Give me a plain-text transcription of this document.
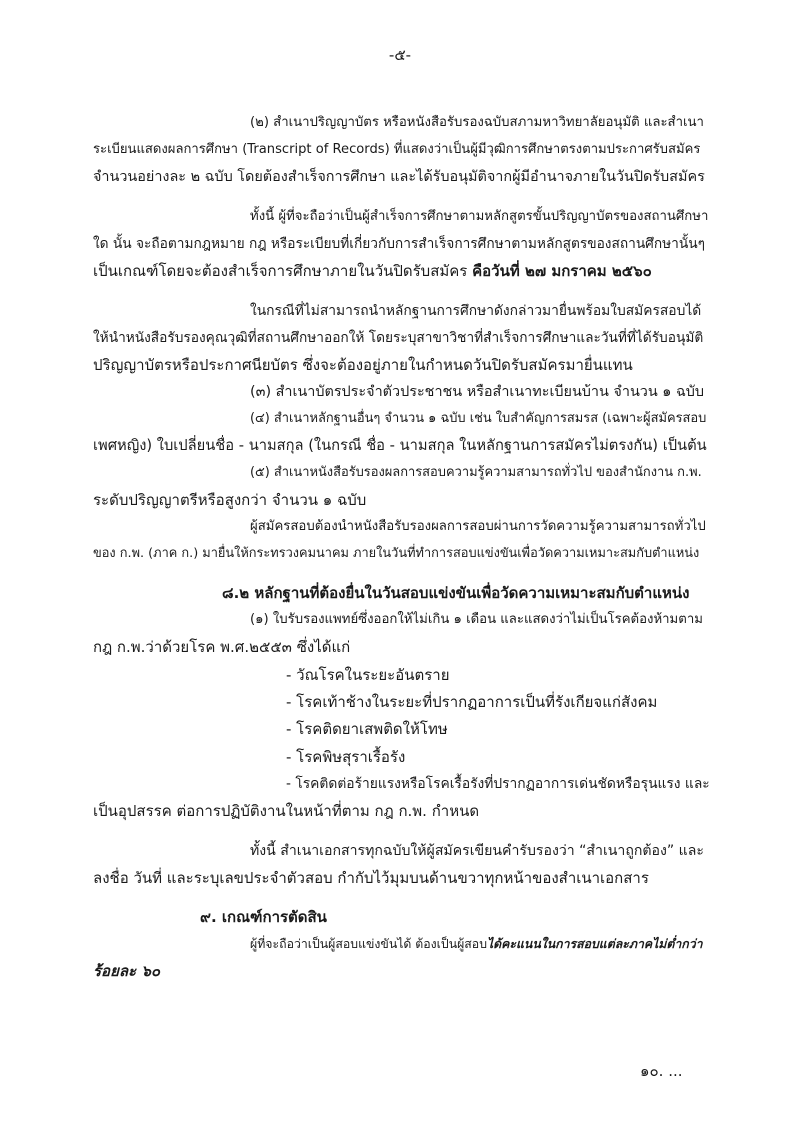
-๕-
(๒) สำเนาปริญญาบัตร หรือหนังสือรับรองฉบับสภามหาวิทยาลัยอนุมัติ และสำเนา
ระเบียนแสดงผลการศึกษา (Transcript of Records) ที่แสดงว่าเป็นผู้มีวุฒิการศึกษาตรงตามประกาศรับสมัคร
จำนวนอย่างละ ๒ ฉบับ โดยต้องสำเร็จการศึกษา และได้รับอนุมัติจากผู้มีอำนาจภายในวันปิดรับสมัคร
ทั้งนี้ ผู้ที่จะถือว่าเป็นผู้สำเร็จการศึกษาตามหลักสูตรขั้นปริญญาบัตรของสถานศึกษา
ใด นั้น จะถือตามกฎหมาย กฎ หรือระเบียบที่เกี่ยวกับการสำเร็จการศึกษาตามหลักสูตรของสถานศึกษานั้นๆ
เป็นเกณฑ์โดยจะต้องสำเร็จการศึกษาภายในวันปิดรับสมัคร คือวันที่ ๒๗ มกราคม ๒๕๖๐
ในกรณีที่ไม่สามารถนำหลักฐานการศึกษาดังกล่าวมายื่นพร้อมใบสมัครสอบได้
ให้นำหนังสือรับรองคุณวุฒิที่สถานศึกษาออกให้ โดยระบุสาขาวิชาที่สำเร็จการศึกษาและวันที่ที่ได้รับอนุมัติ
ปริญญาบัตรหรือประกาศนียบัตร ซึ่งจะต้องอยู่ภายในกำหนดวันปิดรับสมัครมายื่นแทน
(๓) สำเนาบัตรประจำตัวประชาชน หรือสำเนาทะเบียนบ้าน จำนวน ๑ ฉบับ
(๔) สำเนาหลักฐานอื่นๆ จำนวน ๑ ฉบับ เช่น ใบสำคัญการสมรส (เฉพาะผู้สมัครสอบ
เพศหญิง) ใบเปลี่ยนชื่อ - นามสกุล (ในกรณี ชื่อ - นามสกุล ในหลักฐานการสมัครไม่ตรงกัน) เป็นต้น
(๕) สำเนาหนังสือรับรองผลการสอบความรู้ความสามารถทั่วไป ของสำนักงาน ก.พ.
ระดับปริญญาตรีหรือสูงกว่า จำนวน ๑ ฉบับ
ผู้สมัครสอบต้องนำหนังสือรับรองผลการสอบผ่านการวัดความรู้ความสามารถทั่วไป
ของ ก.พ. (ภาค ก.) มายื่นให้กระทรวงคมนาคม ภายในวันที่ทำการสอบแข่งขันเพื่อวัดความเหมาะสมกับตำแหน่ง
๘.๒ หลักฐานที่ต้องยื่นในวันสอบแข่งขันเพื่อวัดความเหมาะสมกับตำแหน่ง
(๑) ใบรับรองแพทย์ซึ่งออกให้ไม่เกิน ๑ เดือน และแสดงว่าไม่เป็นโรคต้องห้ามตาม
กฎ ก.พ.ว่าด้วยโรค พ.ศ.๒๕๕๓ ซึ่งได้แก่
- วัณโรคในระยะอันตราย
- โรคเท้าช้างในระยะที่ปรากฏอาการเป็นที่รังเกียจแก่สังคม
- โรคติดยาเสพติดให้โทษ
- โรคพิษสุราเรื้อรัง
- โรคติดต่อร้ายแรงหรือโรคเรื้อรังที่ปรากฏอาการเด่นชัดหรือรุนแรง และ
เป็นอุปสรรค ต่อการปฏิบัติงานในหน้าที่ตาม กฎ ก.พ. กำหนด
ทั้งนี้ สำเนาเอกสารทุกฉบับให้ผู้สมัครเขียนคำรับรองว่า “สำเนาถูกต้อง” และ
ลงชื่อ วันที่ และระบุเลขประจำตัวสอบ กำกับไว้มุมบนด้านขวาทุกหน้าของสำเนาเอกสาร
๙. เกณฑ์การตัดสิน
ผู้ที่จะถือว่าเป็นผู้สอบแข่งขันได้ ต้องเป็นผู้สอบได้คะแนนในการสอบแต่ละภาคไม่ต่ำกว่า
ร้อยละ ๖๐
๑๐. ...
